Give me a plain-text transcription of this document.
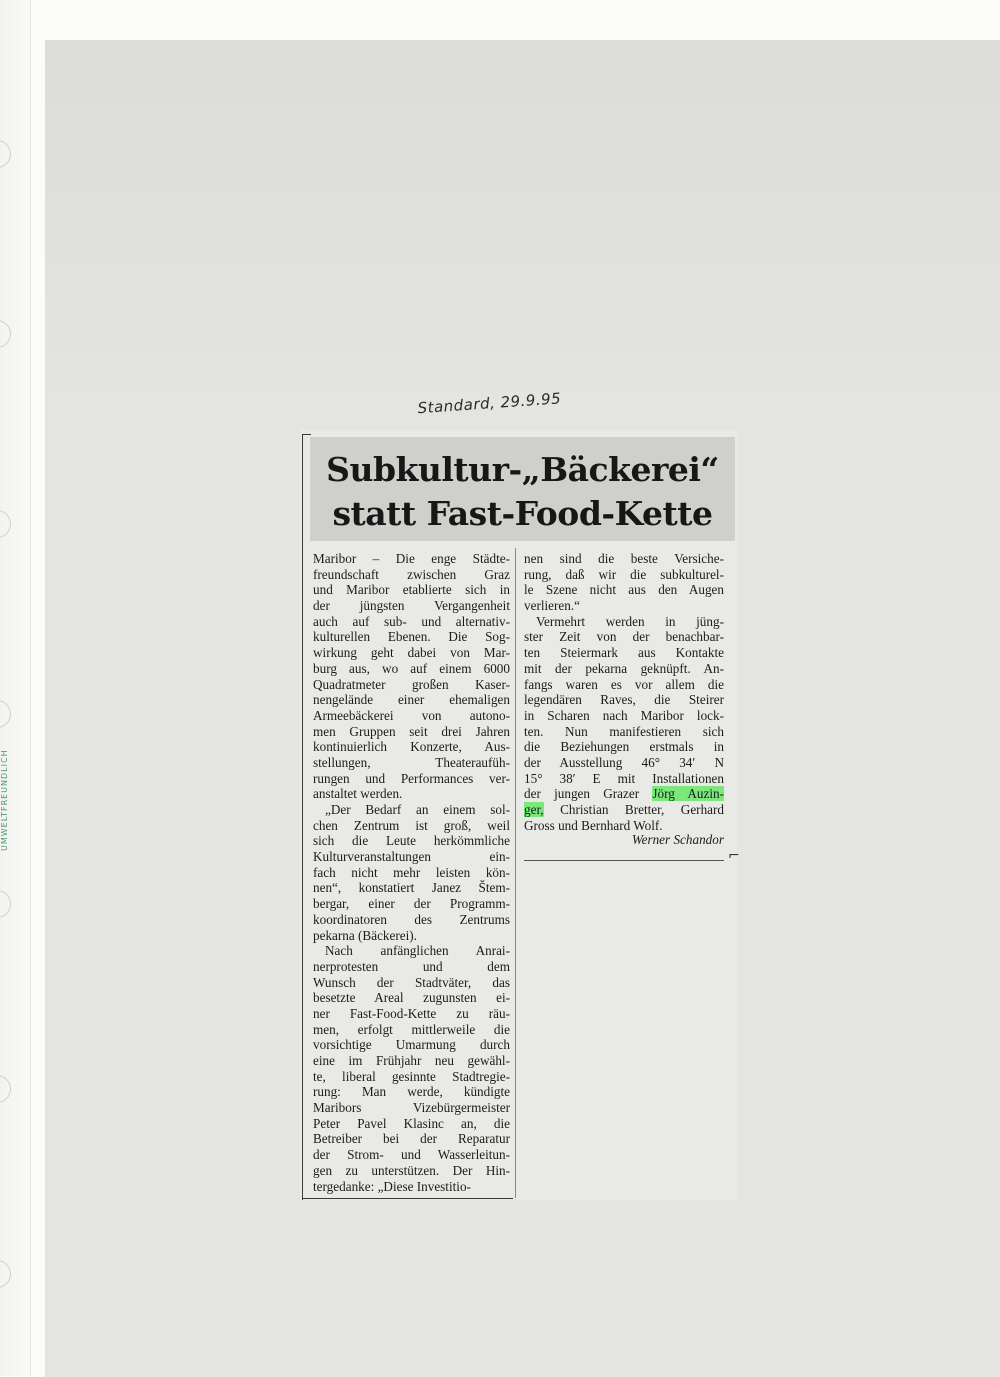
UMWELTFREUNDLICH
Standard, 29.9.95
Subkultur-„Bäckerei“
statt Fast-Food-Kette
Maribor – Die enge Städte-
freundschaft zwischen Graz
und Maribor etablierte sich in
der jüngsten Vergangenheit
auch auf sub- und alternativ-
kulturellen Ebenen. Die Sog-
wirkung geht dabei von Mar-
burg aus, wo auf einem 6000
Quadratmeter großen Kaser-
nengelände einer ehemaligen
Armeebäckerei von autono-
men Gruppen seit drei Jahren
kontinuierlich Konzerte, Aus-
stellungen, Theateraufüh-
rungen und Performances ver-
anstaltet werden.
„Der Bedarf an einem sol-
chen Zentrum ist groß, weil
sich die Leute herkömmliche
Kulturveranstaltungen ein-
fach nicht mehr leisten kön-
nen“, konstatiert Janez Štem-
bergar, einer der Programm-
koordinatoren des Zentrums
pekarna (Bäckerei).
Nach anfänglichen Anrai-
nerprotesten und dem
Wunsch der Stadtväter, das
besetzte Areal zugunsten ei-
ner Fast-Food-Kette zu räu-
men, erfolgt mittlerweile die
vorsichtige Umarmung durch
eine im Frühjahr neu gewähl-
te, liberal gesinnte Stadtregie-
rung: Man werde, kündigte
Maribors Vizebürgermeister
Peter Pavel Klasinc an, die
Betreiber bei der Reparatur
der Strom- und Wasserleitun-
gen zu unterstützen. Der Hin-
tergedanke: „Diese Investitio-
nen sind die beste Versiche-
rung, daß wir die subkulturel-
le Szene nicht aus den Augen
verlieren.“
Vermehrt werden in jüng-
ster Zeit von der benachbar-
ten Steiermark aus Kontakte
mit der pekarna geknüpft. An-
fangs waren es vor allem die
legendären Raves, die Steirer
in Scharen nach Maribor lock-
ten. Nun manifestieren sich
die Beziehungen erstmals in
der Ausstellung 46° 34′ N
15° 38′ E mit Installationen
der jungen Grazer Jörg Auzin-
ger, Christian Bretter, Gerhard
Gross und Bernhard Wolf.
Werner Schandor
⌐
